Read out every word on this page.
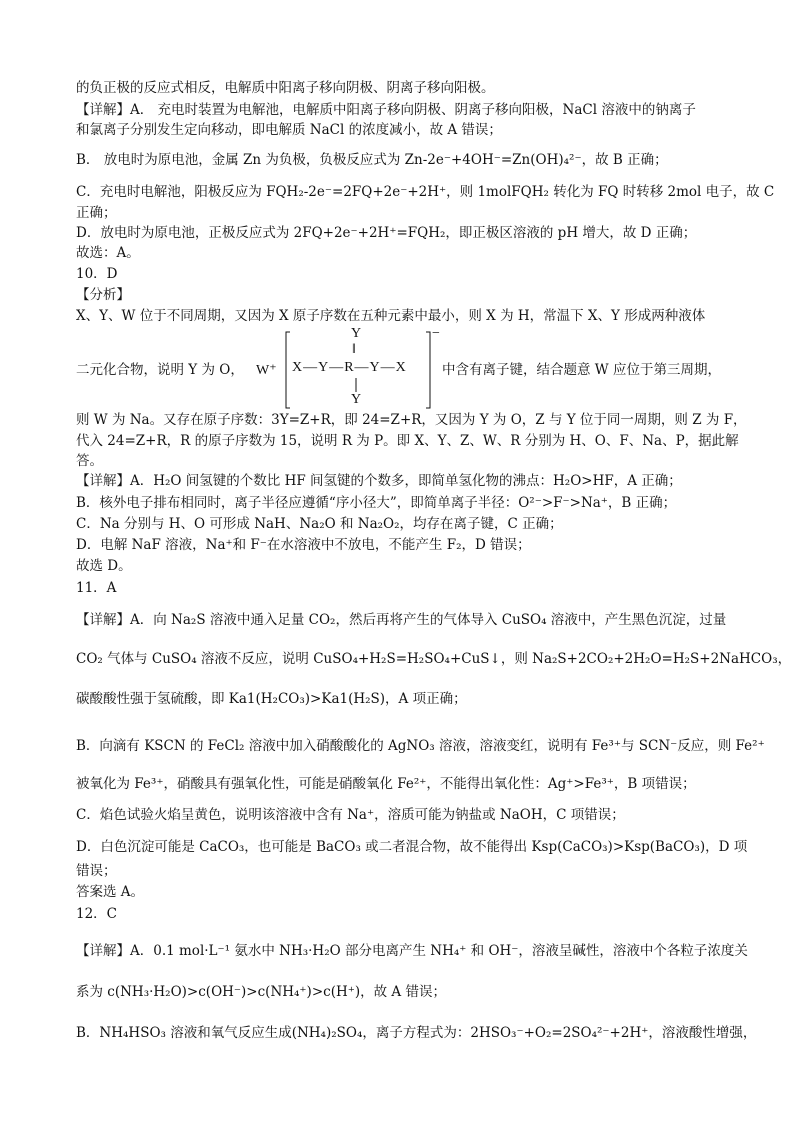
的负正极的反应式相反，电解质中阳离子移向阴极、阴离子移向阳极。
【详解】A． 充电时装置为电解池，电解质中阳离子移向阴极、阴离子移向阳极，NaCl 溶液中的钠离子
和氯离子分别发生定向移动，即电解质 NaCl 的浓度减小，故 A 错误；
B． 放电时为原电池，金属 Zn 为负极，负极反应式为 Zn-2e⁻+4OH⁻=Zn(OH)₄²⁻，故 B 正确；
C．充电时电解池，阳极反应为 FQH₂-2e⁻=2FQ+2e⁻+2H⁺，则 1molFQH₂ 转化为 FQ 时转移 2mol 电子，故 C
正确；
D．放电时为原电池，正极反应式为 2FQ+2e⁻+2H⁺=FQH₂，即正极区溶液的 pH 增大，故 D 正确；
故选：A。
10．D
【分析】
X、Y、W 位于不同周期，又因为 X 原子序数在五种元素中最小，则 X 为 H，常温下 X、Y 形成两种液体
二元化合物，说明 Y 为 O， W⁺
Y
‖
X—Y—R—Y—X
Y
−
中含有离子键，结合题意 W 应位于第三周期，
则 W 为 Na。又存在原子序数：3Y=Z+R，即 24=Z+R，又因为 Y 为 O，Z 与 Y 位于同一周期，则 Z 为 F，
代入 24=Z+R，R 的原子序数为 15，说明 R 为 P。即 X、Y、Z、W、R 分别为 H、O、F、Na、P，据此解
答。
【详解】A．H₂O 间氢键的个数比 HF 间氢键的个数多，即简单氢化物的沸点：H₂O>HF，A 正确；
B．核外电子排布相同时，离子半径应遵循“序小径大”，即简单离子半径：O²⁻>F⁻>Na⁺，B 正确；
C．Na 分别与 H、O 可形成 NaH、Na₂O 和 Na₂O₂，均存在离子键，C 正确；
D．电解 NaF 溶液，Na⁺和 F⁻在水溶液中不放电，不能产生 F₂，D 错误；
故选 D。
11．A
【详解】A．向 Na₂S 溶液中通入足量 CO₂，然后再将产生的气体导入 CuSO₄ 溶液中，产生黑色沉淀，过量
CO₂ 气体与 CuSO₄ 溶液不反应，说明 CuSO₄+H₂S=H₂SO₄+CuS↓，则 Na₂S+2CO₂+2H₂O=H₂S+2NaHCO₃，
碳酸酸性强于氢硫酸，即 Ka1(H₂CO₃)>Ka1(H₂S)，A 项正确；
B．向滴有 KSCN 的 FeCl₂ 溶液中加入硝酸酸化的 AgNO₃ 溶液，溶液变红，说明有 Fe³⁺与 SCN⁻反应，则 Fe²⁺
被氧化为 Fe³⁺，硝酸具有强氧化性，可能是硝酸氧化 Fe²⁺，不能得出氧化性：Ag⁺>Fe³⁺，B 项错误；
C．焰色试验火焰呈黄色，说明该溶液中含有 Na⁺，溶质可能为钠盐或 NaOH，C 项错误；
D．白色沉淀可能是 CaCO₃，也可能是 BaCO₃ 或二者混合物，故不能得出 Ksp(CaCO₃)>Ksp(BaCO₃)，D 项
错误；
答案选 A。
12．C
【详解】A．0.1 mol·L⁻¹ 氨水中 NH₃·H₂O 部分电离产生 NH₄⁺ 和 OH⁻，溶液呈碱性，溶液中个各粒子浓度关
系为 c(NH₃·H₂O)>c(OH⁻)>c(NH₄⁺)>c(H⁺)，故 A 错误；
B．NH₄HSO₃ 溶液和氧气反应生成(NH₄)₂SO₄，离子方程式为：2HSO₃⁻+O₂=2SO₄²⁻+2H⁺，溶液酸性增强，
